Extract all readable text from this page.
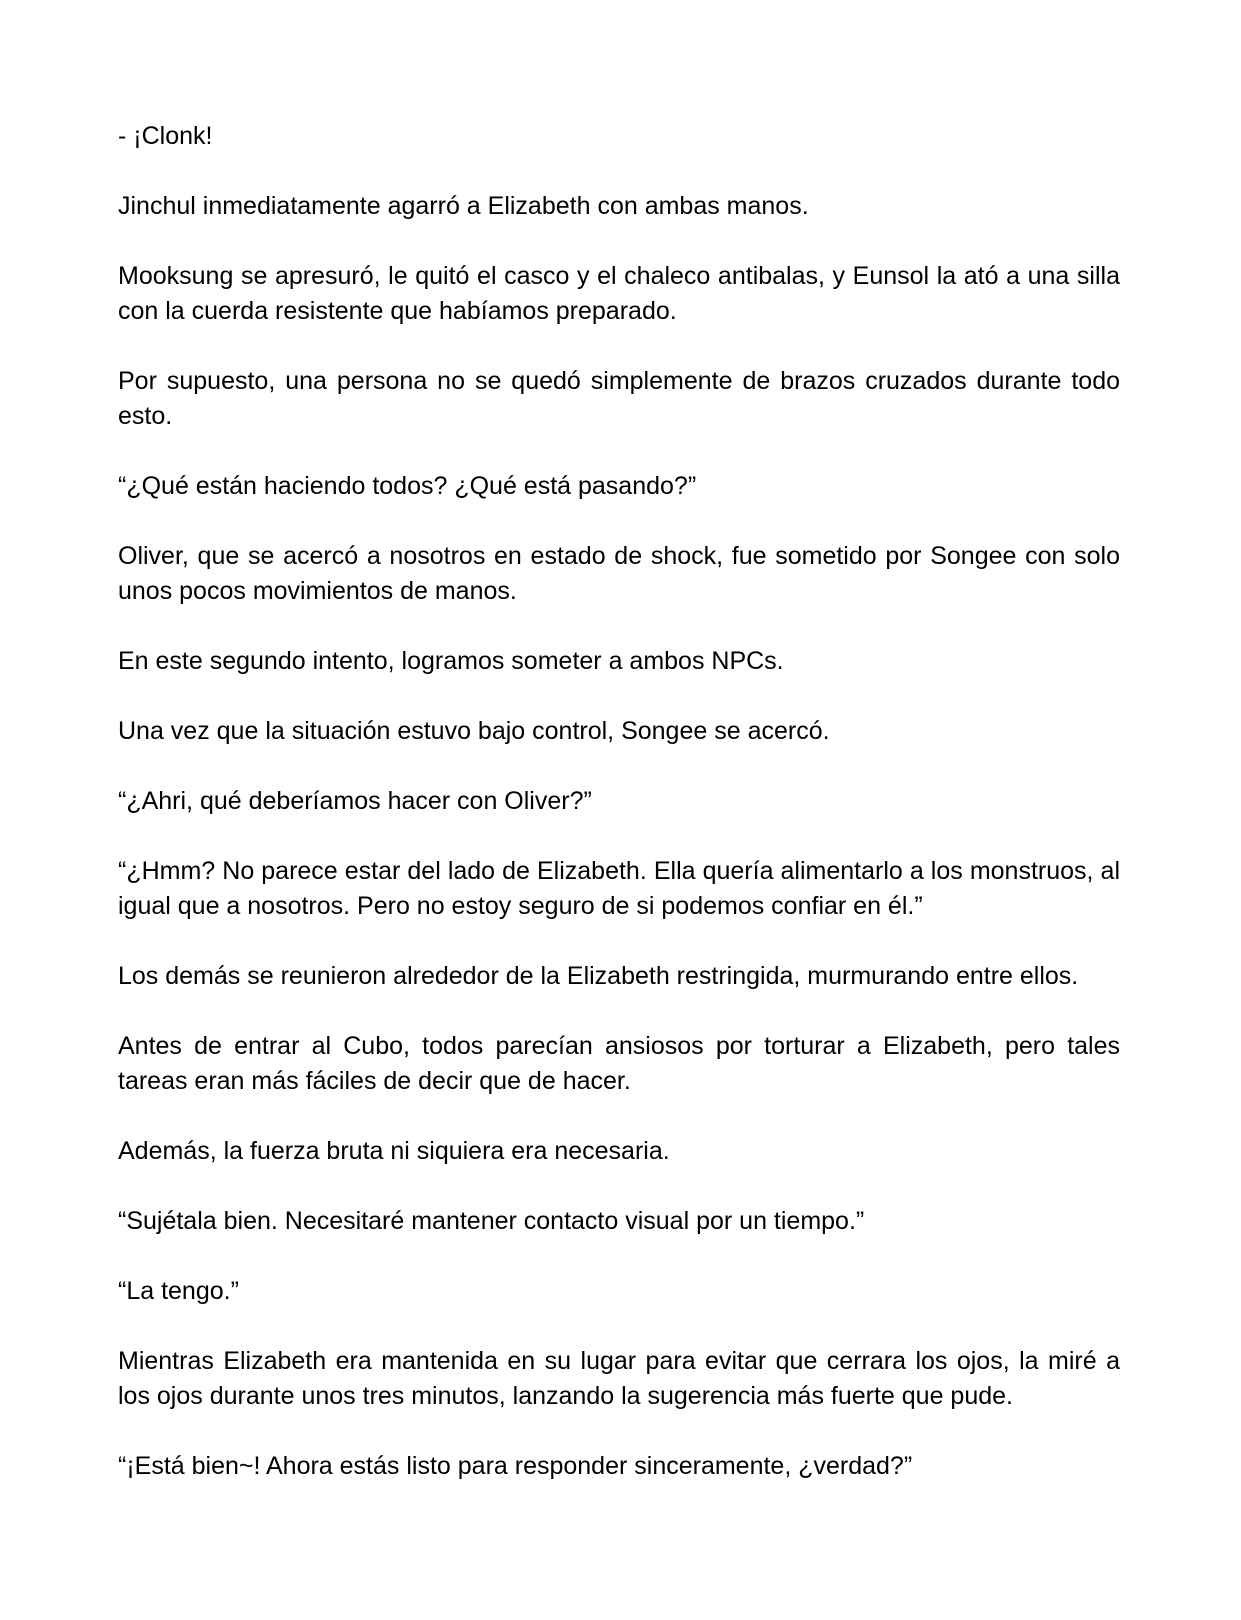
- ¡Clonk!

Jinchul inmediatamente agarró a Elizabeth con ambas manos.

Mooksung se apresuró, le quitó el casco y el chaleco antibalas, y Eunsol la ató a una silla con la cuerda resistente que habíamos preparado.

Por supuesto, una persona no se quedó simplemente de brazos cruzados durante todo esto.

“¿Qué están haciendo todos? ¿Qué está pasando?”

Oliver, que se acercó a nosotros en estado de shock, fue sometido por Songee con solo unos pocos movimientos de manos.

En este segundo intento, logramos someter a ambos NPCs.

Una vez que la situación estuvo bajo control, Songee se acercó.

“¿Ahri, qué deberíamos hacer con Oliver?”

“¿Hmm? No parece estar del lado de Elizabeth. Ella quería alimentarlo a los monstruos, al igual que a nosotros. Pero no estoy seguro de si podemos confiar en él.”

Los demás se reunieron alrededor de la Elizabeth restringida, murmurando entre ellos.

Antes de entrar al Cubo, todos parecían ansiosos por torturar a Elizabeth, pero tales tareas eran más fáciles de decir que de hacer.

Además, la fuerza bruta ni siquiera era necesaria.

“Sujétala bien. Necesitaré mantener contacto visual por un tiempo.”

“La tengo.”

Mientras Elizabeth era mantenida en su lugar para evitar que cerrara los ojos, la miré a los ojos durante unos tres minutos, lanzando la sugerencia más fuerte que pude.

“¡Está bien~! Ahora estás listo para responder sinceramente, ¿verdad?”
